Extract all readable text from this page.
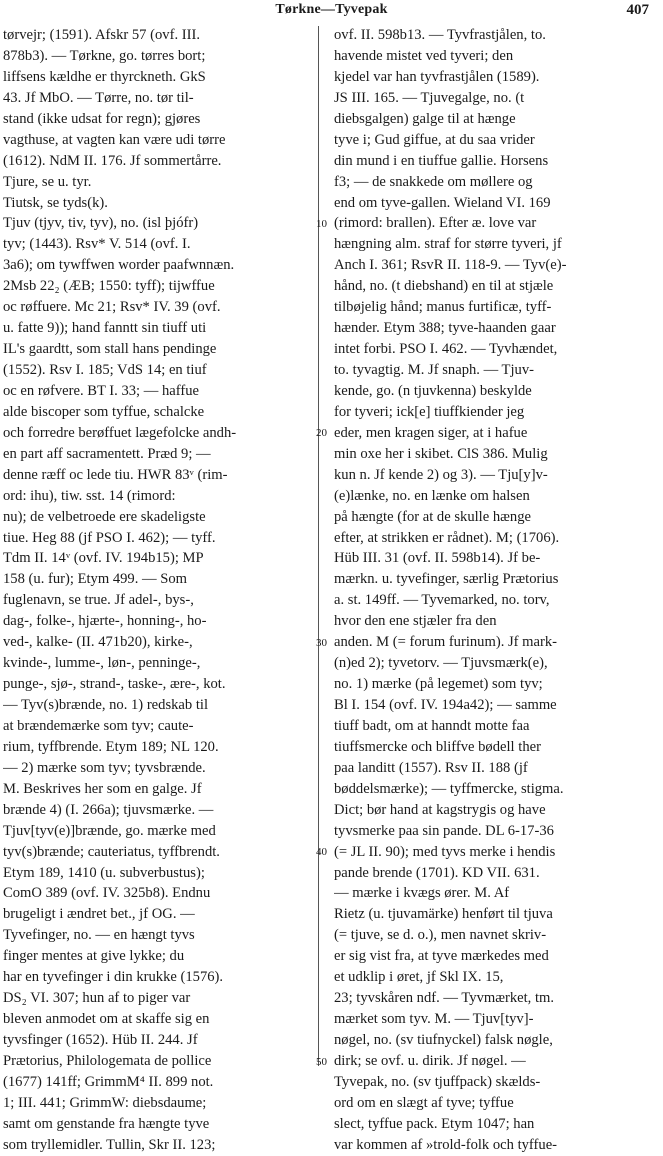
Tørkne—Tyvepak	407
tørvejr; (1591). Afskr 57 (ovf. III.
878b3). — Tørkne, go. tørres bort;
liffsens kældhe er thyrckneth. GkS
43. Jf MbO. — Tørre, no. tør til-
stand (ikke udsat for regn); gjøres
vagthuse, at vagten kan være udi tørre
(1612). NdM II. 176. Jf sommertårre.
Tjure, se u. tyr.
Tiutsk, se tyds(k).
Tjuv (tjyv, tiv, tyv), no. (isl þjófr)
tyv; (1443). Rsv* V. 514 (ovf. I.
3a6); om tywffwen worder paafwnnæn.
2Msb 22₂ (ÆB; 1550: tyff); tijwffue
oc røffuere. Mc 21; Rsv* IV. 39 (ovf.
u. fatte 9)); hand fanntt sin tiuff uti
IL's gaardtt, som stall hans pendinge
(1552). Rsv I. 185; VdS 14; en tiuf
oc en røfvere. BT I. 33; — haffue
alde biscoper som tyffue, schalcke
och forredre berøffuet lægefolcke andh-
en part aff sacramentett. Præd 9; —
denne ræff oc lede tiu. HWR 83ᵛ (rim-
ord: ihu), tiw. sst. 14 (rimord:
nu); de velbetroede ere skadeligste
tiue. Heg 88 (jf PSO I. 462); — tyff.
Tdm II. 14ᵛ (ovf. IV. 194b15); MP
158 (u. fur); Etym 499. — Som
fuglenavn, se true. Jf adel-, bys-,
dag-, folke-, hjærte-, honning-, ho-
ved-, kalke- (II. 471b20), kirke-,
kvinde-, lumme-, løn-, penninge-,
punge-, sjø-, strand-, taske-, ære-, kot.
— Tyv(s)brænde, no. 1) redskab til
at brændemærke som tyv; caute-
rium, tyffbrende. Etym 189; NL 120.
— 2) mærke som tyv; tyvsbrænde.
M. Beskrives her som en galge. Jf
brænde 4) (I. 266a); tjuvsmærke. —
Tjuv[tyv(e)]brænde, go. mærke med
tyv(s)brænde; cauteriatus, tyffbrendt.
Etym 189, 1410 (u. subverbustus);
ComO 389 (ovf. IV. 325b8). Endnu
brugeligt i ændret bet., jf OG. —
Tyvefinger, no. — en hængt tyvs
finger mentes at give lykke; du
har en tyvefinger i din krukke (1576).
DS₂ VI. 307; hun af to piger var
bleven anmodet om at skaffe sig en
tyvsfinger (1652). Hüb II. 244. Jf
Prætorius, Philologemata de pollice
(1677) 141ff; GrimmM⁴ II. 899 not.
1; III. 441; GrimmW: diebsdaume;
samt om genstande fra hængte tyve
som tryllemidler. Tullin, Skr II. 123;
ovf. II. 598b13. — Tyvfrastjålen, to.
havende mistet ved tyveri; den
kjedel var han tyvfrastjålen (1589).
JS III. 165. — Tjuvegalge, no. (t
diebsgalgen) galge til at hænge
tyve i; Gud giffue, at du saa vrider
din mund i en tiuffue gallie. Horsens
f3; — de snakkede om møllere og
end om tyve-gallen. Wieland VI. 169
(rimord: brallen). Efter æ. love var
hængning alm. straf for større tyveri, jf
Anch I. 361; RsvR II. 118-9. — Tyv(e)-
hånd, no. (t diebshand) en til at stjæle
tilbøjelig hånd; manus furtificæ, tyff-
hænder. Etym 388; tyve-haanden gaar
intet forbi. PSO I. 462. — Tyvhændet,
to. tyvagtig. M. Jf snaph. — Tjuv-
kende, go. (n tjuvkenna) beskylde
for tyveri; ick[e] tiuffkiender jeg
eder, men kragen siger, at i hafue
min oxe her i skibet. ClS 386. Mulig
kun n. Jf kende 2) og 3). — Tju[y]v-
(e)lænke, no. en lænke om halsen
på hængte (for at de skulle hænge
efter, at strikken er rådnet). M; (1706).
Hüb III. 31 (ovf. II. 598b14). Jf be-
mærkn. u. tyvefinger, særlig Prætorius
a. st. 149ff. — Tyvemarked, no. torv,
hvor den ene stjæler fra den
anden. M (= forum furinum). Jf mark-
(n)ed 2); tyvetorv. — Tjuvsmærk(e),
no. 1) mærke (på legemet) som tyv;
Bl I. 154 (ovf. IV. 194a42); — samme
tiuff badt, om at hanndt motte faa
tiuffsmercke och bliffve bødell ther
paa landitt (1557). Rsv II. 188 (jf
bøddelsmærke); — tyffmercke, stigma.
Dict; bør hand at kagstrygis og have
tyvsmerke paa sin pande. DL 6-17-36
(= JL II. 90); med tyvs merke i hendis
pande brende (1701). KD VII. 631.
— mærke i kvægs ører. M. Af
Rietz (u. tjuvamärke) henført til tjuva
(= tjuve, se d. o.), men navnet skriv-
er sig vist fra, at tyve mærkedes med
et udklip i øret, jf Skl IX. 15,
23; tyvskåren ndf. — Tyvmærket, tm.
mærket som tyv. M. — Tjuv[tyv]-
nøgel, no. (sv tiufnyckel) falsk nøgle,
dirk; se ovf. u. dirik. Jf nøgel. —
Tyvepak, no. (sv tjuffpack) skælds-
ord om en slægt af tyve; tyffue
slect, tyffue pack. Etym 1047; han
var kommen af »trold-folk och tyffue-
10
20
30
40
50
